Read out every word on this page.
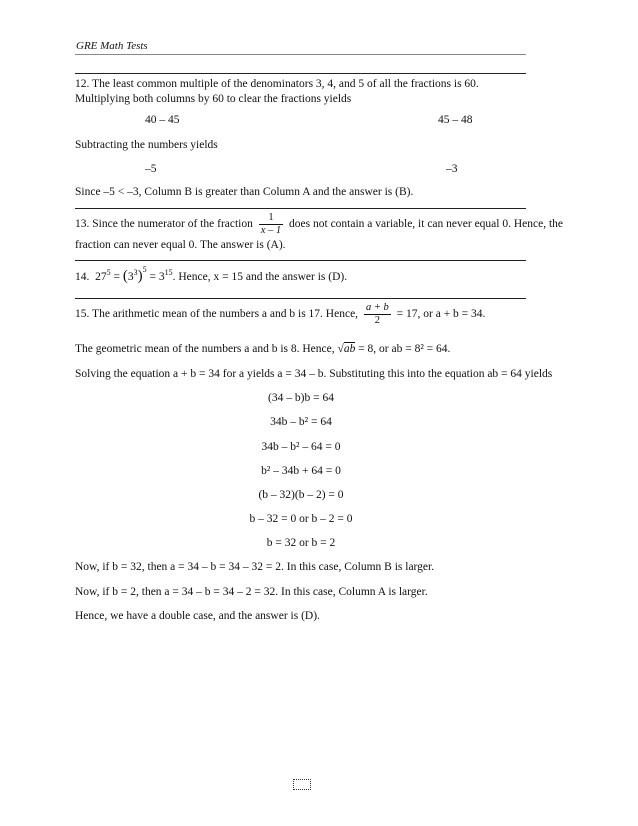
GRE Math Tests
12. The least common multiple of the denominators 3, 4, and 5 of all the fractions is 60. Multiplying both columns by 60 to clear the fractions yields
40 – 45	45 – 48
Subtracting the numbers yields
–5	–3
Since –5 < –3, Column B is greater than Column A and the answer is (B).
13. Since the numerator of the fraction $\frac{1}{x - 1}$ does not contain a variable, it can never equal 0. Hence, the
fraction can never equal 0. The answer is (A).
14. $27^5 = (3^3)^5 = 3^{15}$. Hence, x = 15 and the answer is (D).
15. The arithmetic mean of the numbers a and b is 17. Hence, $\frac{a + b}{2} = 17$, or a + b = 34.
The geometric mean of the numbers a and b is 8. Hence, √ab = 8, or ab = 8² = 64.
Solving the equation a + b = 34 for a yields a = 34 – b. Substituting this into the equation ab = 64 yields
(34 – b)b = 64
34b – b² = 64
34b – b² – 64 = 0
b² – 34b + 64 = 0
(b – 32)(b – 2) = 0
b – 32 = 0 or b – 2 = 0
b = 32 or b = 2
Now, if b = 32, then a = 34 – b = 34 – 32 = 2. In this case, Column B is larger.
Now, if b = 2, then a = 34 – b = 34 – 2 = 32. In this case, Column A is larger.
Hence, we have a double case, and the answer is (D).
